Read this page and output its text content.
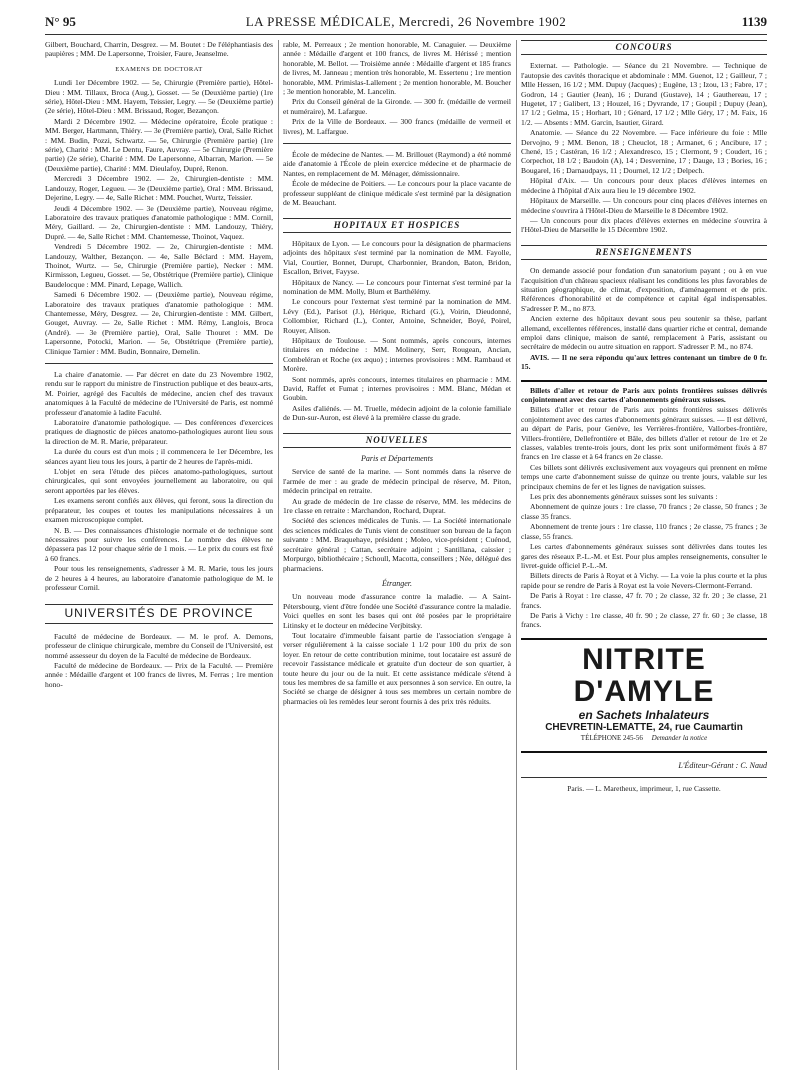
N° 95	LA PRESSE MÉDICALE, Mercredi, 26 Novembre 1902	1139

Gilbert, Bouchard, Charrin, Desgrez. — M. Boutet : De l'éléphantiasis des paupières ; MM. De Lapersonne, Troisier, Faure, Jeanselme.

EXAMENS DE DOCTORAT

Lundi 1er Décembre 1902. — 5e, Chirurgie (Première partie), Hôtel-Dieu : MM. Tillaux, Broca (Aug.), Gosset. — 5e (Deuxième partie) (1re série), Hôtel-Dieu : MM. Hayem, Teissier, Legry. — 5e (Deuxième partie) (2e série), Hôtel-Dieu : MM. Brissaud, Roger, Bezançon.

Mardi 2 Décembre 1902. — Médecine opératoire, École pratique : MM. Berger, Hartmann, Thiéry. — 3e (Première partie), Oral, Salle Richet : MM. Budin, Pozzi, Schwartz. — 5e, Chirurgie (Première partie) (1re série), Charité : MM. Le Dentu, Faure, Auvray. — 5e Chirurgie (Première partie) (2e série), Charité : MM. De Lapersonne, Albarran, Marion. — 5e (Deuxième partie), Charité : MM. Dieulafoy, Dupré, Renon.

Mercredi 3 Décembre 1902. — 2e, Chirurgien-dentiste : MM. Landouzy, Roger, Legueu. — 3e (Deuxième partie), Oral : MM. Brissaud, Dejerine, Legry. — 4e, Salle Richet : MM. Pouchet, Wurtz, Teissier.

Jeudi 4 Décembre 1902. — 3e (Deuxième partie), Nouveau régime, Laboratoire des travaux pratiques d'anatomie pathologique : MM. Cornil, Méry, Gaillard. — 2e, Chirurgien-dentiste : MM. Landouzy, Thiéry, Dupré. — 4e, Salle Richet : MM. Chantemesse, Thoinot, Vaquez.

Vendredi 5 Décembre 1902. — 2e, Chirurgien-dentiste : MM. Landouzy, Walther, Bezançon. — 4e, Salle Béclard : MM. Hayem, Thoinot, Wurtz. — 5e, Chirurgie (Première partie), Necker : MM. Kirmisson, Legueu, Gosset. — 5e, Obstétrique (Première partie), Clinique Baudelocque : MM. Pinard, Lepage, Wallich.

Samedi 6 Décembre 1902. — (Deuxième partie), Nouveau régime, Laboratoire des travaux pratiques d'anatomie pathologique : MM. Chantemesse, Méry, Desgrez. — 2e, Chirurgien-dentiste : MM. Gilbert, Gouget, Auvray. — 2e, Salle Richet : MM. Rémy, Langlois, Broca (André). — 3e (Première partie), Oral, Salle Thouret : MM. De Lapersonne, Potocki, Marion. — 5e, Obstétrique (Première partie), Clinique Tarnier : MM. Budin, Bonnaire, Demelin.

La chaire d'anatomie. — Par décret en date du 23 Novembre 1902, rendu sur le rapport du ministre de l'instruction publique et des beaux-arts, M. Poirier, agrégé des Facultés de médecine, ancien chef des travaux anatomiques à la Faculté de médecine de l'Université de Paris, est nommé professeur d'anatomie à ladite Faculté.

Laboratoire d'anatomie pathologique. — Des conférences d'exercices pratiques de diagnostic de pièces anatomo-pathologiques auront lieu sous la direction de M. R. Marie, préparateur.

La durée du cours est d'un mois ; il commencera le 1er Décembre, les séances ayant lieu tous les jours, à partir de 2 heures de l'après-midi.

L'objet en sera l'étude des pièces anatomo-pathologiques, surtout chirurgicales, qui sont envoyées journellement au laboratoire, ou qui seront apportées par les élèves.

Les examens seront confiés aux élèves, qui feront, sous la direction du préparateur, les coupes et toutes les manipulations nécessaires à un examen microscopique complet.

N. B. — Des connaissances d'histologie normale et de technique sont nécessaires pour suivre les conférences. Le nombre des élèves ne dépassera pas 12 pour chaque série de 1 mois. — Le prix du cours est fixé à 60 francs.

Pour tous les renseignements, s'adresser à M. R. Marie, tous les jours de 2 heures à 4 heures, au laboratoire d'anatomie pathologique de M. le professeur Cornil.

UNIVERSITÉS DE PROVINCE

Faculté de médecine de Bordeaux. — M. le prof. A. Demons, professeur de clinique chirurgicale, membre du Conseil de l'Université, est nommé assesseur du doyen de la Faculté de médecine de Bordeaux.

Faculté de médecine de Bordeaux. — Prix de la Faculté. — Première année : Médaille d'argent et 100 francs de livres, M. Ferras ; 1re mention hono-

rable, M. Perreaux ; 2e mention honorable, M. Canaguier. — Deuxième année : Médaille d'argent et 100 francs, de livres M. Hérissé ; mention honorable, M. Bellot. — Troisième année : Médaille d'argent et 185 francs de livres, M. Janneau ; mention très honorable, M. Essertenu ; 1re mention honorable, MM. Primislas-Lallement ; 2e mention honorable, M. Boucher ; 3e mention honorable, M. Lancelin.

Prix du Conseil général de la Gironde. — 300 fr. (médaille de vermeil et numéraire), M. Lafargue.

Prix de la Ville de Bordeaux. — 300 francs (médaille de vermeil et livres), M. Laffargue.

École de médecine de Nantes. — M. Brillouet (Raymond) a été nommé aide d'anatomie à l'École de plein exercice médecine et de pharmacie de Nantes, en remplacement de M. Ménager, démissionnaire.

École de médecine de Poitiers. — Le concours pour la place vacante de professeur suppléant de clinique médicale s'est terminé par la désignation de M. Beauchant.

HOPITAUX ET HOSPICES

Hôpitaux de Lyon. — Le concours pour la désignation de pharmaciens adjoints des hôpitaux s'est terminé par la nomination de MM. Fayolle, Vial, Courtier, Bonnet, Durupt, Charbonnier, Brandon, Baton, Bridon, Escallon, Brivet, Fayyse.

Hôpitaux de Nancy. — Le concours pour l'internat s'est terminé par la nomination de MM. Molly, Blum et Barthélémy.

Le concours pour l'externat s'est terminé par la nomination de MM. Lévy (Ed.), Parisot (J.), Hérique, Richard (G.), Voirin, Dieudonné, Collombier, Richard (L.), Conter, Antoine, Schneider, Boyé, Poirel, Rouyer, Alison.

Hôpitaux de Toulouse. — Sont nommés, après concours, internes titulaires en médecine : MM. Molinery, Serr, Rougean, Ancian, Combeléran et Roche (ex æquo) ; internes provisoires : MM. Rambaud et Morère.

Sont nommés, après concours, internes titulaires en pharmacie : MM. David, Raffet et Fumat ; internes provisoires : MM. Blanc, Médan et Goubin.

Asiles d'aliénés. — M. Truelle, médecin adjoint de la colonie familiale de Dun-sur-Auron, est élevé à la première classe du grade.

NOUVELLES
Paris et Départements

Service de santé de la marine. — Sont nommés dans la réserve de l'armée de mer : au grade de médecin principal de réserve, M. Piton, médecin principal en retraite.

Au grade de médecin de 1re classe de réserve, MM. les médecins de 1re classe en retraite : Marchandon, Rochard, Duprat.

Société des sciences médicales de Tunis. — La Société internationale des sciences médicales de Tunis vient de constituer son bureau de la façon suivante : MM. Braquehaye, président ; Moleo, vice-président ; Cuénod, secrétaire général ; Cattan, secrétaire adjoint ; Santillana, caissier ; Morpurgo, bibliothécaire ; Schoull, Macotta, conseillers ; Née, délégué des pharmaciens.

Étranger.

Un nouveau mode d'assurance contre la maladie. — A Saint-Pétersbourg, vient d'être fondée une Société d'assurance contre la maladie. Voici quelles en sont les bases qui ont été posées par le propriétaire Litinsky et le docteur en médecine Verjbitsky.

Tout locataire d'immeuble faisant partie de l'association s'engage à verser régulièrement à la caisse sociale 1 1/2 pour 100 du prix de son loyer. En retour de cette contribution minime, tout locataire est assuré de recevoir l'assistance médicale et gratuite d'un docteur de son quartier, à toute heure du jour ou de la nuit. Et cette assistance médicale s'étend à tous les membres de sa famille et aux personnes à son service. En outre, la Société se charge de désigner à tous ses membres un certain nombre de pharmacies où les remèdes leur seront fournis à des prix très réduits.

CONCOURS

Externat. — Pathologie. — Séance du 21 Novembre. — Technique de l'autopsie des cavités thoracique et abdominale : MM. Guenot, 12 ; Gailleur, 7 ; Mlle Hessen, 16 1/2 ; MM. Dupuy (Jacques) ; Eugène, 13 ; Izou, 13 ; Fabre, 17 ; Godron, 14 ; Gautier (Jean), 16 ; Durand (Gustave), 14 ; Gauthereau, 17 ; Hugetet, 17 ; Galibert, 13 ; Houzel, 16 ; Dyvrande, 17 ; Goupil ; Dupuy (Jean), 17 1/2 ; Gelma, 15 ; Horhart, 10 ; Génard, 17 1/2 ; Mlle Géry, 17 ; M. Faix, 16 1/2. — Absents : MM. Garcin, Isautier, Girard.

Anatomie. — Séance du 22 Novembre. — Face inférieure du foie : Mlle Dervojno, 9 ; MM. Benon, 18 ; Cheuclot, 18 ; Armanet, 6 ; Ancibure, 17 ; Chené, 15 ; Castéran, 16 1/2 ; Alexandresco, 15 ; Clermont, 9 ; Coudert, 16 ; Corpechot, 18 1/2 ; Baudoin (A), 14 ; Desvernine, 17 ; Dauge, 13 ; Bories, 16 ; Bougarel, 16 ; Darnaudpays, 11 ; Dournel, 12 1/2 ; Delpech.

Hôpital d'Aix. — Un concours pour deux places d'élèves internes en médecine à l'hôpital d'Aix aura lieu le 19 décembre 1902.

Hôpitaux de Marseille. — Un concours pour cinq places d'élèves internes en médecine s'ouvrira à l'Hôtel-Dieu de Marseille le 8 Décembre 1902.

— Un concours pour dix places d'élèves externes en médecine s'ouvrira à l'Hôtel-Dieu de Marseille le 15 Décembre 1902.

RENSEIGNEMENTS

On demande associé pour fondation d'un sanatorium payant ; ou à en vue l'acquisition d'un château spacieux réalisant les conditions les plus favorables de situation géographique, de climat, d'exposition, d'aménagement et de prix. Références d'honorabilité et de compétence et capital égal indispensables. S'adresser P. M., no 873.

Ancien externe des hôpitaux devant sous peu soutenir sa thèse, parlant allemand, excellentes références, installé dans quartier riche et central, demande emploi dans clinique, maison de santé, remplacement à Paris, assistant ou secrétaire de médecin ou autre situation en rapport. S'adresser P. M., no 874.

AVIS. — Il ne sera répondu qu'aux lettres contenant un timbre de 0 fr. 15.

Billets d'aller et retour de Paris aux points frontières suisses délivrés conjointement avec des cartes d'abonnements généraux suisses.

Billets d'aller et retour de Paris aux points frontières suisses délivrés conjointement avec des cartes d'abonnements généraux suisses. — Il est délivré, au départ de Paris, pour Genève, les Verrières-frontière, Vallorbes-frontière, Villers-frontière, Dellefrontière et Bâle, des billets d'aller et retour de 1re et 2e classes, valables trente-trois jours, dont les prix sont uniformément fixés à 87 francs en 1re classe et à 64 francs en 2e classe.

Ces billets sont délivrés exclusivement aux voyageurs qui prennent en même temps une carte d'abonnement suisse de quinze ou trente jours, valable sur les principaux chemins de fer et les lignes de navigation suisses.

Les prix des abonnements généraux suisses sont les suivants :

Abonnement de quinze jours : 1re classe, 70 francs ; 2e classe, 50 francs ; 3e classe 35 francs.

Abonnement de trente jours : 1re classe, 110 francs ; 2e classe, 75 francs ; 3e classe, 55 francs.

Les cartes d'abonnements généraux suisses sont délivrées dans toutes les gares des réseaux P.-L.-M. et Est. Pour plus amples renseignements, consulter le livret-guide officiel P.-L.-M.

Billets directs de Paris à Royat et à Vichy. — La voie la plus courte et la plus rapide pour se rendre de Paris à Royat est la voie Nevers-Clermont-Ferrand.

De Paris à Royat : 1re classe, 47 fr. 70 ; 2e classe, 32 fr. 20 ; 3e classe, 21 francs.

De Paris à Vichy : 1re classe, 40 fr. 90 ; 2e classe, 27 fr. 60 ; 3e classe, 18 francs.

NITRITE D'AMYLE
en Sachets Inhalateurs
CHEVRETIN-LEMATTE, 24, rue Caumartin
TÉLÉPHONE 245-56 Demander la notice

L'Éditeur-Gérant : C. Naud

Paris. — L. Maretheux, imprimeur, 1, rue Cassette.
